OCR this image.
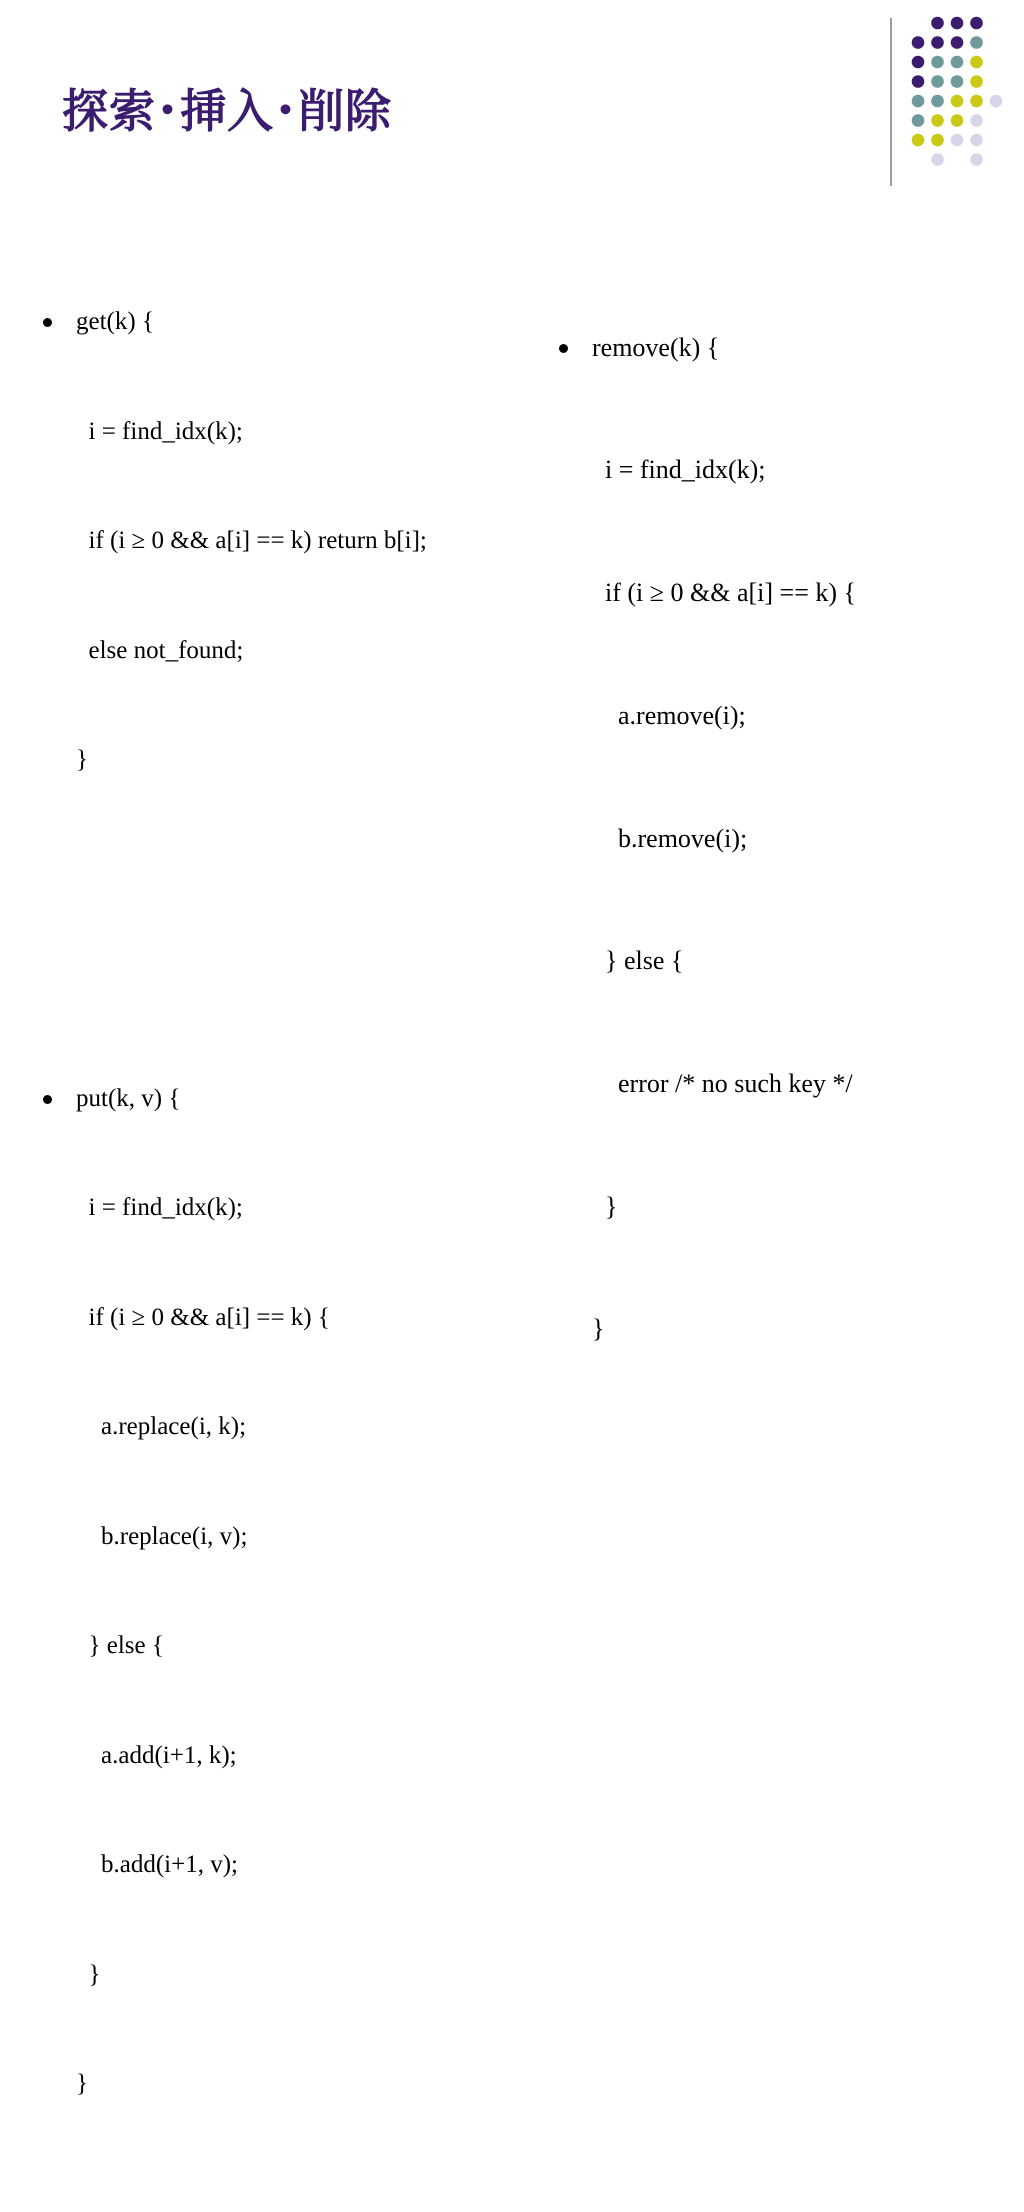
探索･挿入･削除

get(k) {

i = find_idx(k);

if (i ≥ 0 && a[i] == k) return b[i];

else not_found;

}

put(k, v) {

i = find_idx(k);

if (i ≥ 0 && a[i] == k) {

a.replace(i, k);

b.replace(i, v);

} else {

a.add(i+1, k);

b.add(i+1, v);

}

}

remove(k) {

i = find_idx(k);

if (i ≥ 0 && a[i] == k) {

a.remove(i);

b.remove(i);

} else {

error /* no such key */

}

}
